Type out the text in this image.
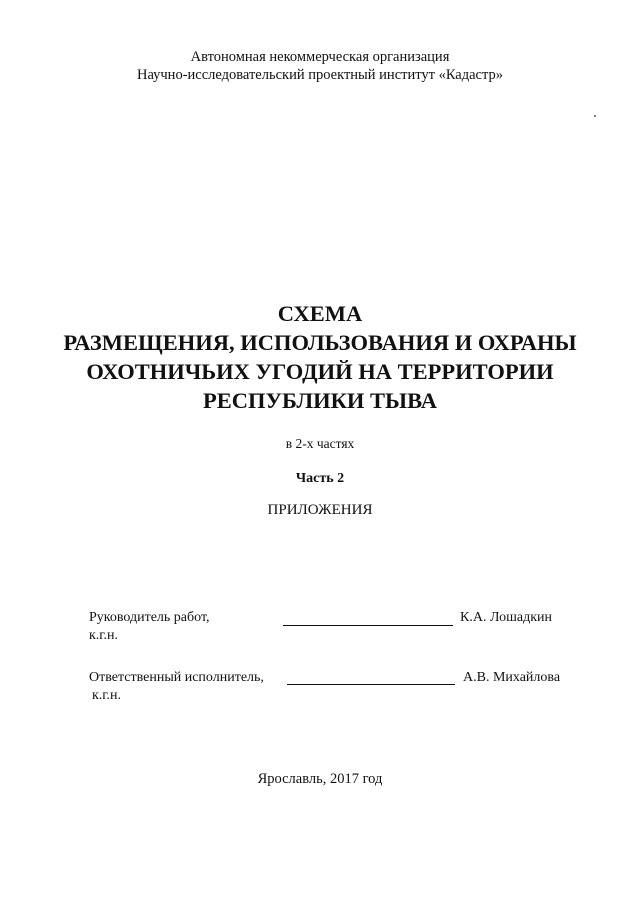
Автономная некоммерческая организация
Научно-исследовательский проектный институт «Кадастр»
СХЕМА
РАЗМЕЩЕНИЯ, ИСПОЛЬЗОВАНИЯ И ОХРАНЫ
ОХОТНИЧЬИХ УГОДИЙ НА ТЕРРИТОРИИ
РЕСПУБЛИКИ ТЫВА
в 2-х частях
Часть 2
ПРИЛОЖЕНИЯ
Руководитель работ,
к.г.н.
К.А. Лошадкин
Ответственный исполнитель,
к.г.н.
А.В. Михайлова
Ярославль, 2017 год
